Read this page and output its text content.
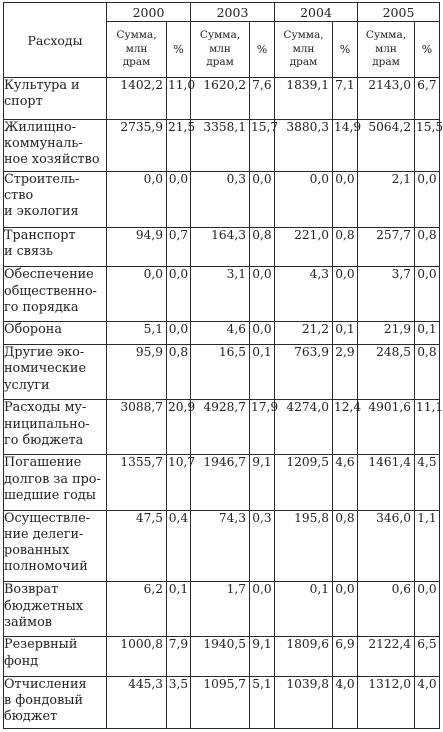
Расходы	2000		2003		2004		2005	
	Сумма,
млн
драм	%	Сумма,
млн
драм	%	Сумма,
млн
драм	%	Сумма,
млн
драм	%
Культура и
спорт	1402,2	11,0	1620,2	7,6	1839,1	7,1	2143,0	6,7
Жилищно-
коммуналь-
ное хозяйство	2735,9	21,5	3358,1	15,7	3880,3	14,9	5064,2	15,5
Строитель-
ство
и экология	0,0	0,0	0,3	0,0	0,0	0,0	2,1	0,0
Транспорт
и связь	94,9	0,7	164,3	0,8	221,0	0,8	257,7	0,8
Обеспечение
общественно-
го порядка	0,0	0,0	3,1	0,0	4,3	0,0	3,7	0,0
Оборона	5,1	0,0	4,6	0,0	21,2	0,1	21,9	0,1
Другие эко-
номические
услуги	95,9	0,8	16,5	0,1	763,9	2,9	248,5	0,8
Расходы му-
ниципально-
го бюджета	3088,7	20,9	4928,7	17,9	4274,0	12,4	4901,6	11,1
Погашение
долгов за про-
шедшие годы	1355,7	10,7	1946,7	9,1	1209,5	4,6	1461,4	4,5
Осуществле-
ние делеги-
рованных
полномочий	47,5	0,4	74,3	0,3	195,8	0,8	346,0	1,1
Возврат
бюджетных
займов	6,2	0,1	1,7	0,0	0,1	0,0	0,6	0,0
Резервный
фонд	1000,8	7,9	1940,5	9,1	1809,6	6,9	2122,4	6,5
Отчисления
в фондовый
бюджет	445,3	3,5	1095,7	5,1	1039,8	4,0	1312,0	4,0
